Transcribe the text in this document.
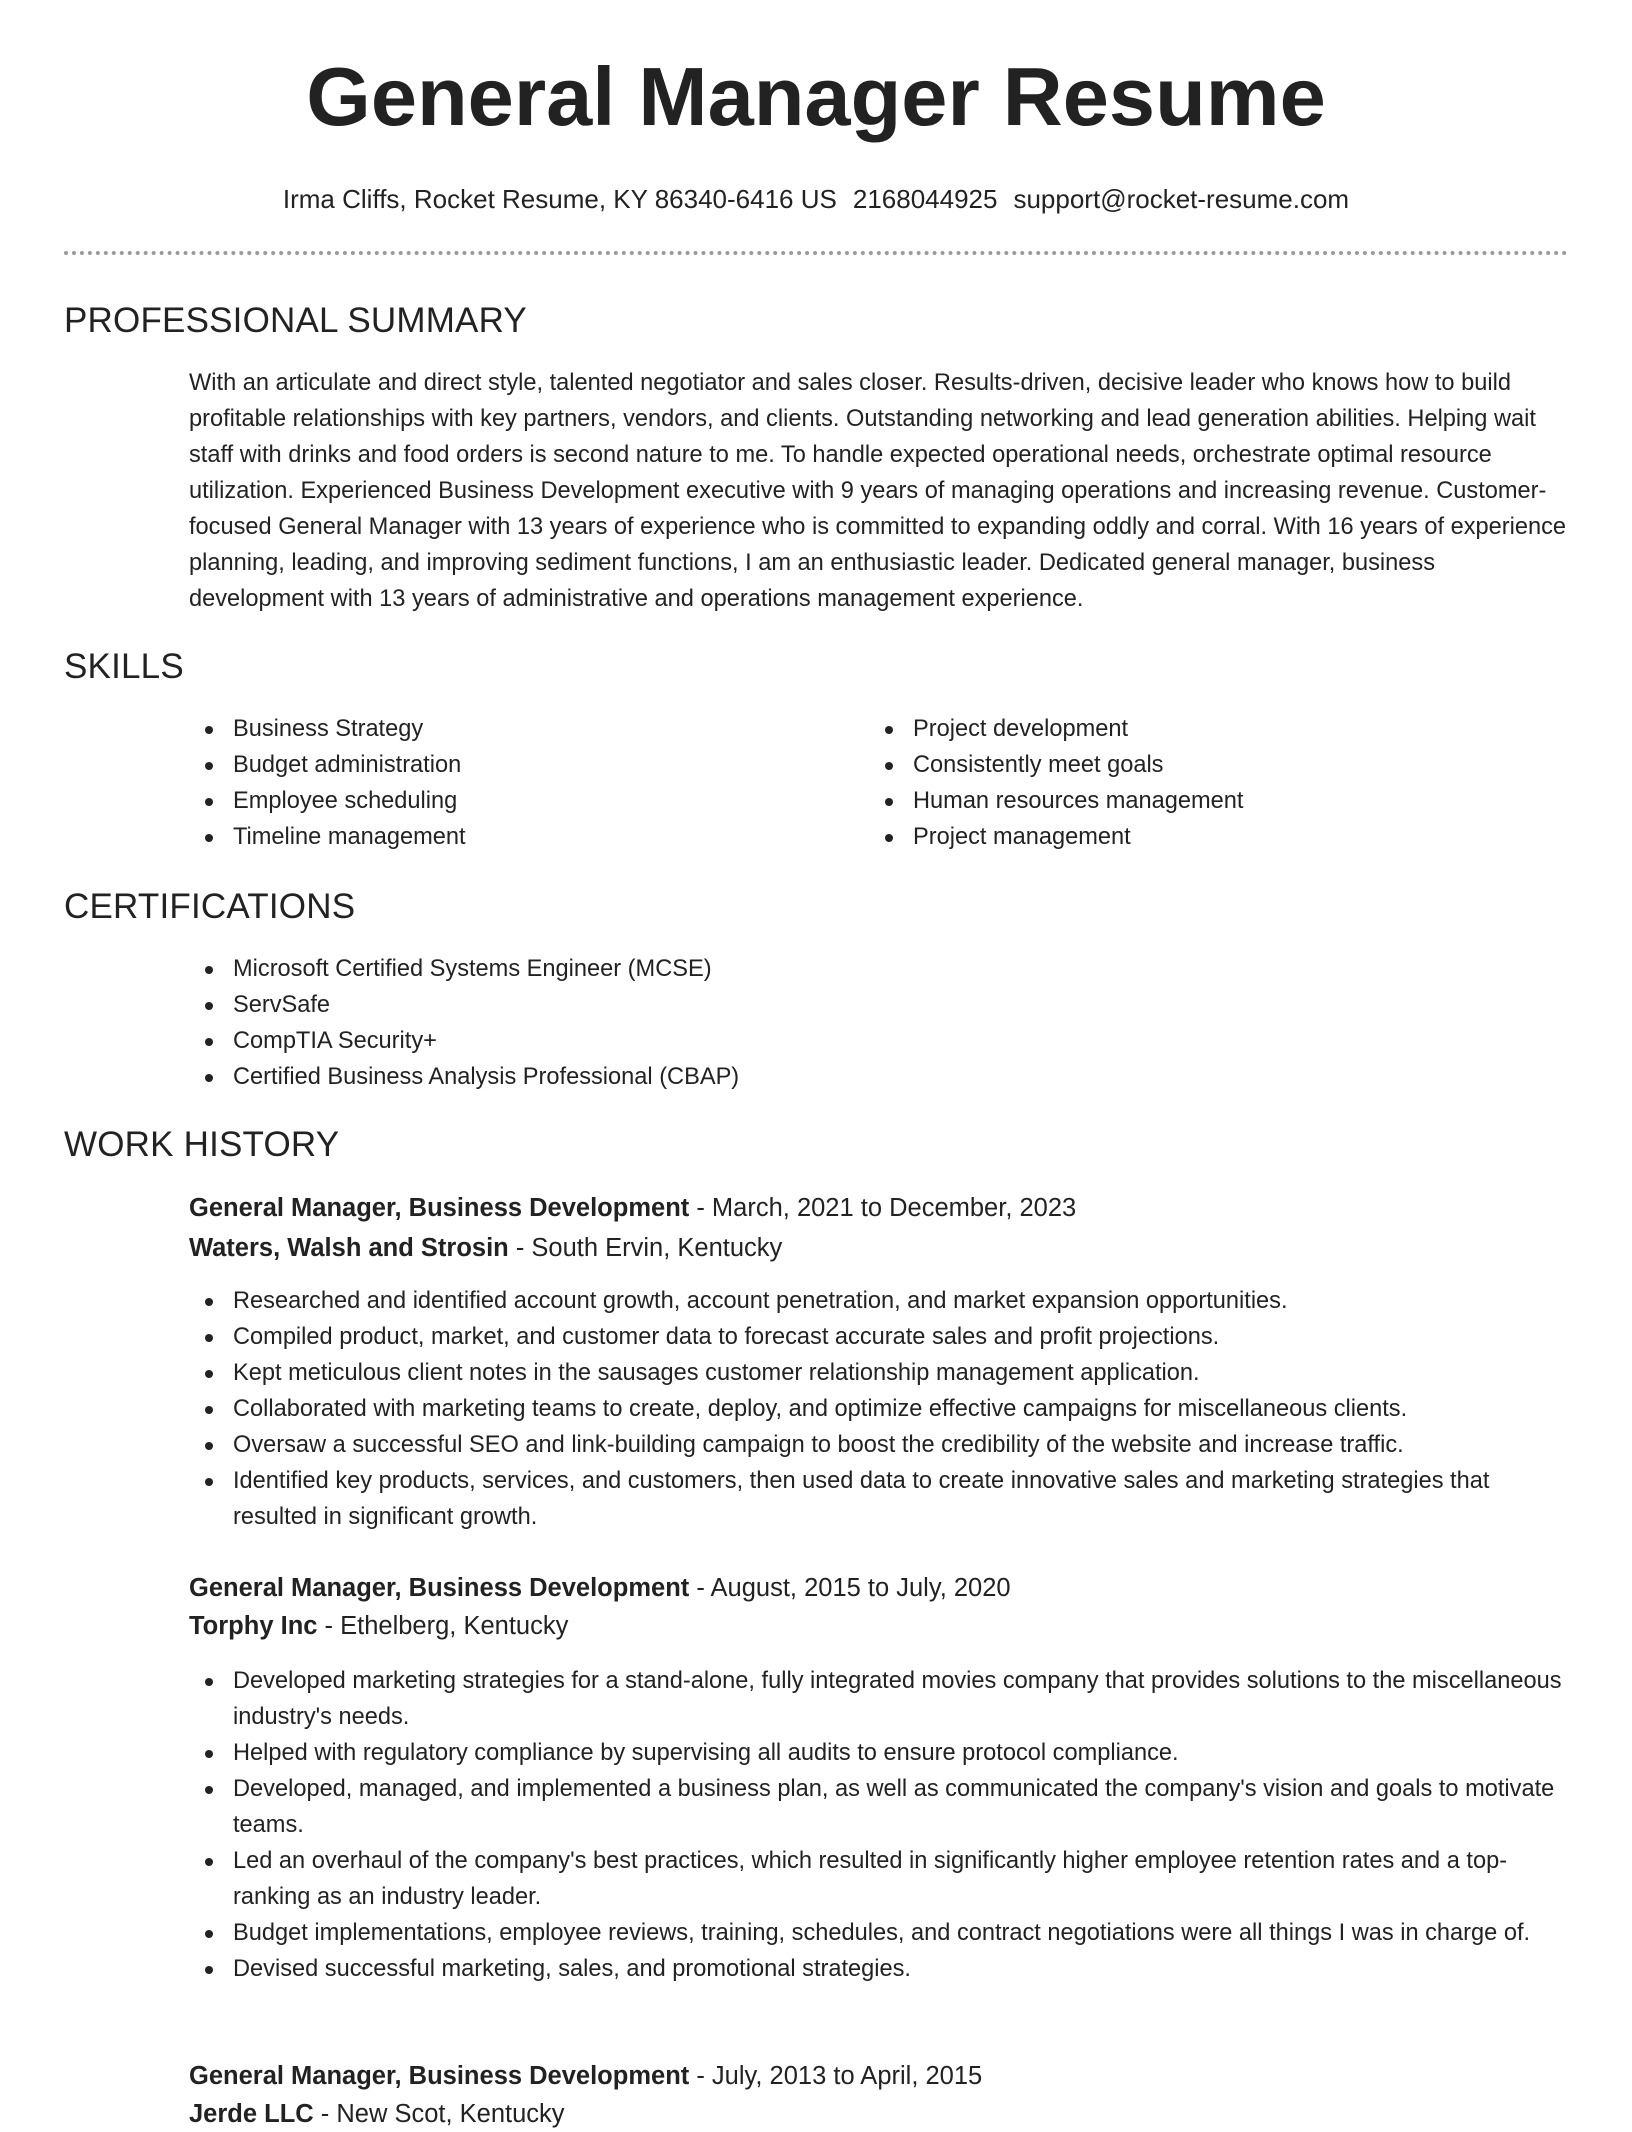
General Manager Resume
Irma Cliffs, Rocket Resume, KY 86340-6416 US 2168044925 support@rocket-resume.com
PROFESSIONAL SUMMARY

With an articulate and direct style, talented negotiator and sales closer. Results-driven, decisive leader who knows how to build profitable relationships with key partners, vendors, and clients. Outstanding networking and lead generation abilities. Helping wait staff with drinks and food orders is second nature to me. To handle expected operational needs, orchestrate optimal resource utilization. Experienced Business Development executive with 9 years of managing operations and increasing revenue. Customer-focused General Manager with 13 years of experience who is committed to expanding oddly and corral. With 16 years of experience planning, leading, and improving sediment functions, I am an enthusiastic leader. Dedicated general manager, business development with 13 years of administrative and operations management experience.

SKILLS
Business Strategy
Budget administration
Employee scheduling
Timeline management
Project development
Consistently meet goals
Human resources management
Project management
CERTIFICATIONS
Microsoft Certified Systems Engineer (MCSE)
ServSafe
CompTIA Security+
Certified Business Analysis Professional (CBAP)
WORK HISTORY
General Manager, Business Development - March, 2021 to December, 2023
Waters, Walsh and Strosin - South Ervin, Kentucky
Researched and identified account growth, account penetration, and market expansion opportunities.
Compiled product, market, and customer data to forecast accurate sales and profit projections.
Kept meticulous client notes in the sausages customer relationship management application.
Collaborated with marketing teams to create, deploy, and optimize effective campaigns for miscellaneous clients.
Oversaw a successful SEO and link-building campaign to boost the credibility of the website and increase traffic.
Identified key products, services, and customers, then used data to create innovative sales and marketing strategies that resulted in significant growth.
General Manager, Business Development - August, 2015 to July, 2020
Torphy Inc - Ethelberg, Kentucky
Developed marketing strategies for a stand-alone, fully integrated movies company that provides solutions to the miscellaneous industry's needs.
Helped with regulatory compliance by supervising all audits to ensure protocol compliance.
Developed, managed, and implemented a business plan, as well as communicated the company's vision and goals to motivate teams.
Led an overhaul of the company's best practices, which resulted in significantly higher employee retention rates and a top-ranking as an industry leader.
Budget implementations, employee reviews, training, schedules, and contract negotiations were all things I was in charge of.
Devised successful marketing, sales, and promotional strategies.
General Manager, Business Development - July, 2013 to April, 2015
Jerde LLC - New Scot, Kentucky
